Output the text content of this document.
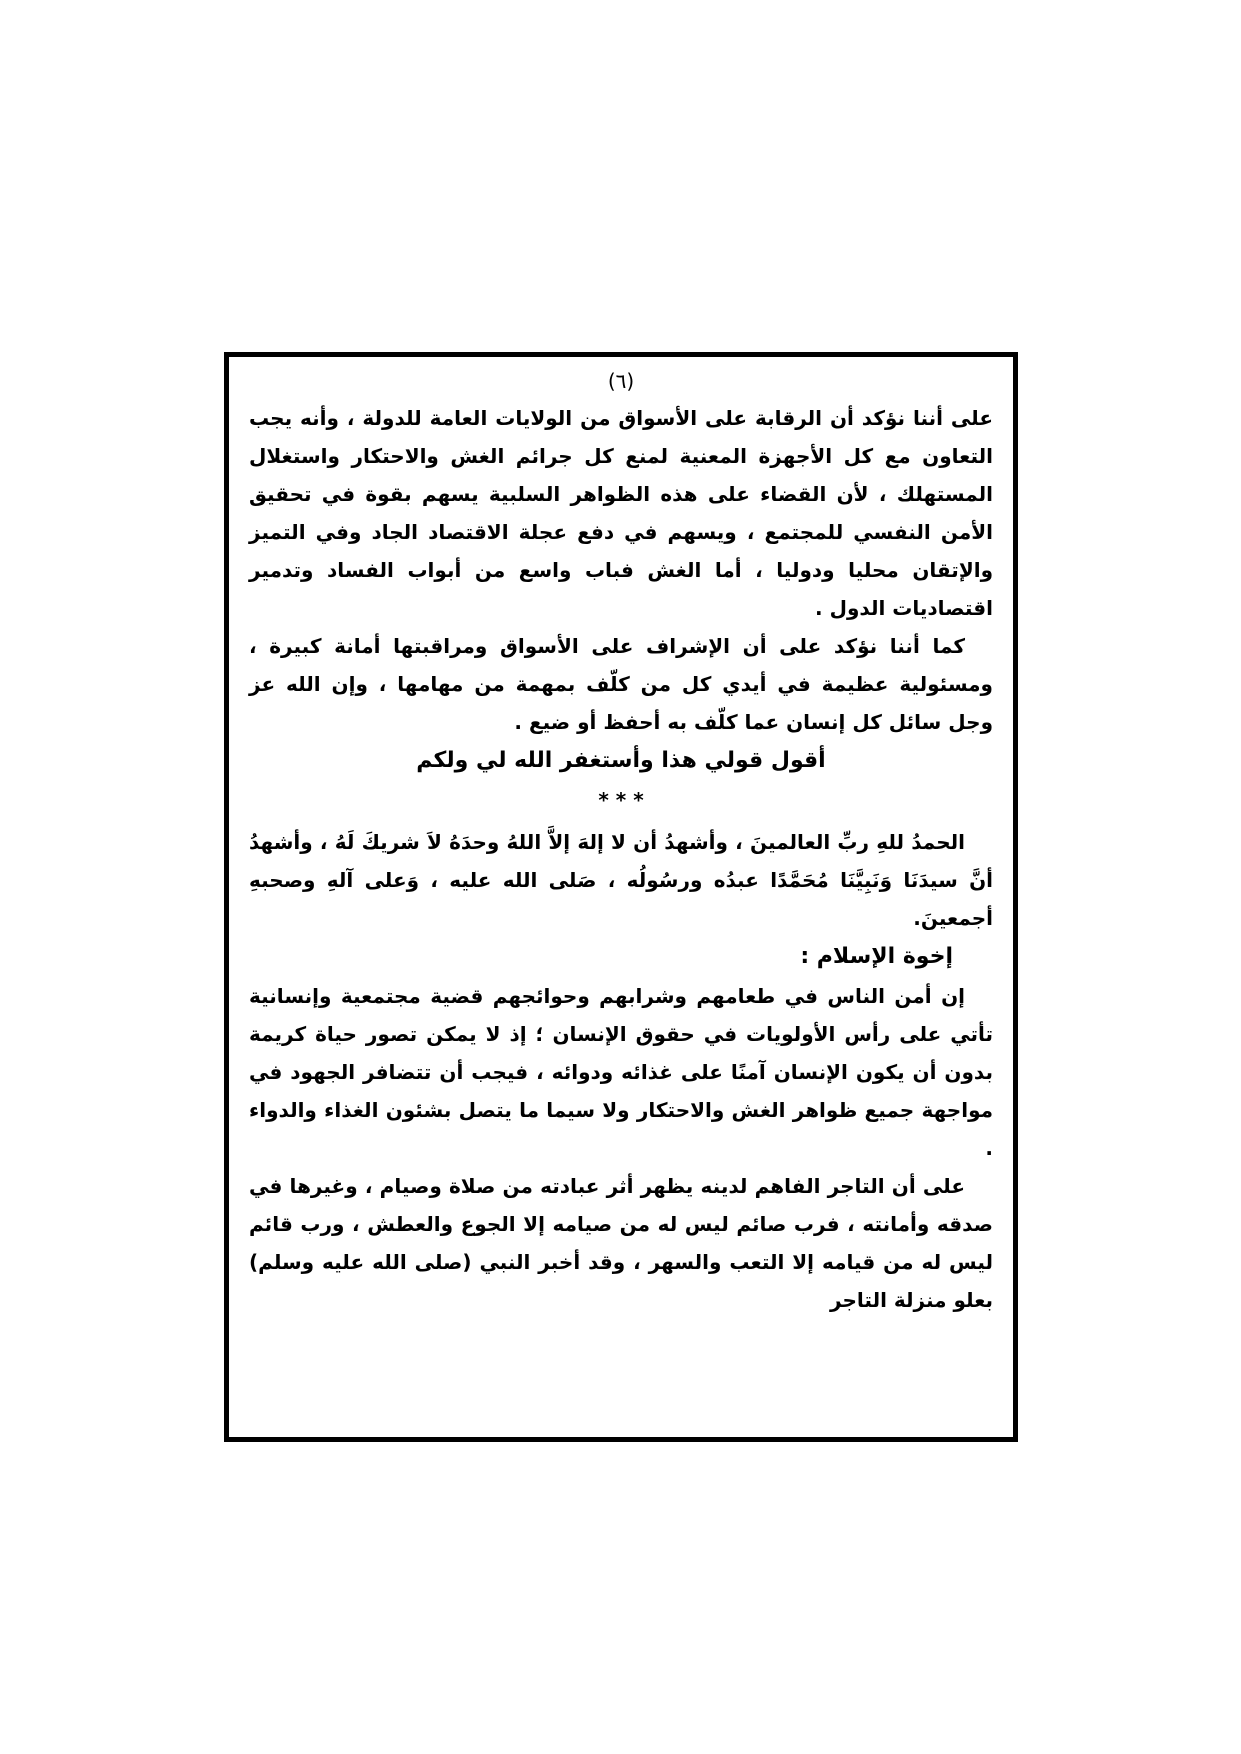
(٦)

على أننا نؤكد أن الرقابة على الأسواق من الولايات العامة للدولة ، وأنه يجب التعاون مع كل الأجهزة المعنية لمنع كل جرائم الغش والاحتكار واستغلال المستهلك ، لأن القضاء على هذه الظواهر السلبية يسهم بقوة في تحقيق الأمن النفسي للمجتمع ، ويسهم في دفع عجلة الاقتصاد الجاد وفي التميز والإتقان محليا ودوليا ، أما الغش فباب واسع من أبواب الفساد وتدمير اقتصاديات الدول .

كما أننا نؤكد على أن الإشراف على الأسواق ومراقبتها أمانة كبيرة ، ومسئولية عظيمة في أيدي كل من كلّف بمهمة من مهامها ، وإن الله عز وجل سائل كل إنسان عما كلّف به أحفظ أو ضيع .

أقول قولي هذا وأستغفر الله لي ولكم
* * *

الحمدُ للهِ ربِّ العالمينَ ، وأشهدُ أن لا إلهَ إلاَّ اللهُ وحدَهُ لاَ شريكَ لَهُ ، وأشهدُ أنَّ سيدَنَا وَنَبِيَّنَا مُحَمَّدًا عبدُه ورسُولُه ، صَلى الله عليه ، وَعلى آلهِ وصحبهِ أجمعينَ.

إخوة الإسلام :

إن أمن الناس في طعامهم وشرابهم وحوائجهم قضية مجتمعية وإنسانية تأتي على رأس الأولويات في حقوق الإنسان ؛ إذ لا يمكن تصور حياة كريمة بدون أن يكون الإنسان آمنًا على غذائه ودوائه ، فيجب أن تتضافر الجهود في مواجهة جميع ظواهر الغش والاحتكار ولا سيما ما يتصل بشئون الغذاء والدواء .

على أن التاجر الفاهم لدينه يظهر أثر عبادته من صلاة وصيام ، وغيرها في صدقه وأمانته ، فرب صائم ليس له من صيامه إلا الجوع والعطش ، ورب قائم ليس له من قيامه إلا التعب والسهر ، وقد أخبر النبي (صلى الله عليه وسلم) بعلو منزلة التاجر
